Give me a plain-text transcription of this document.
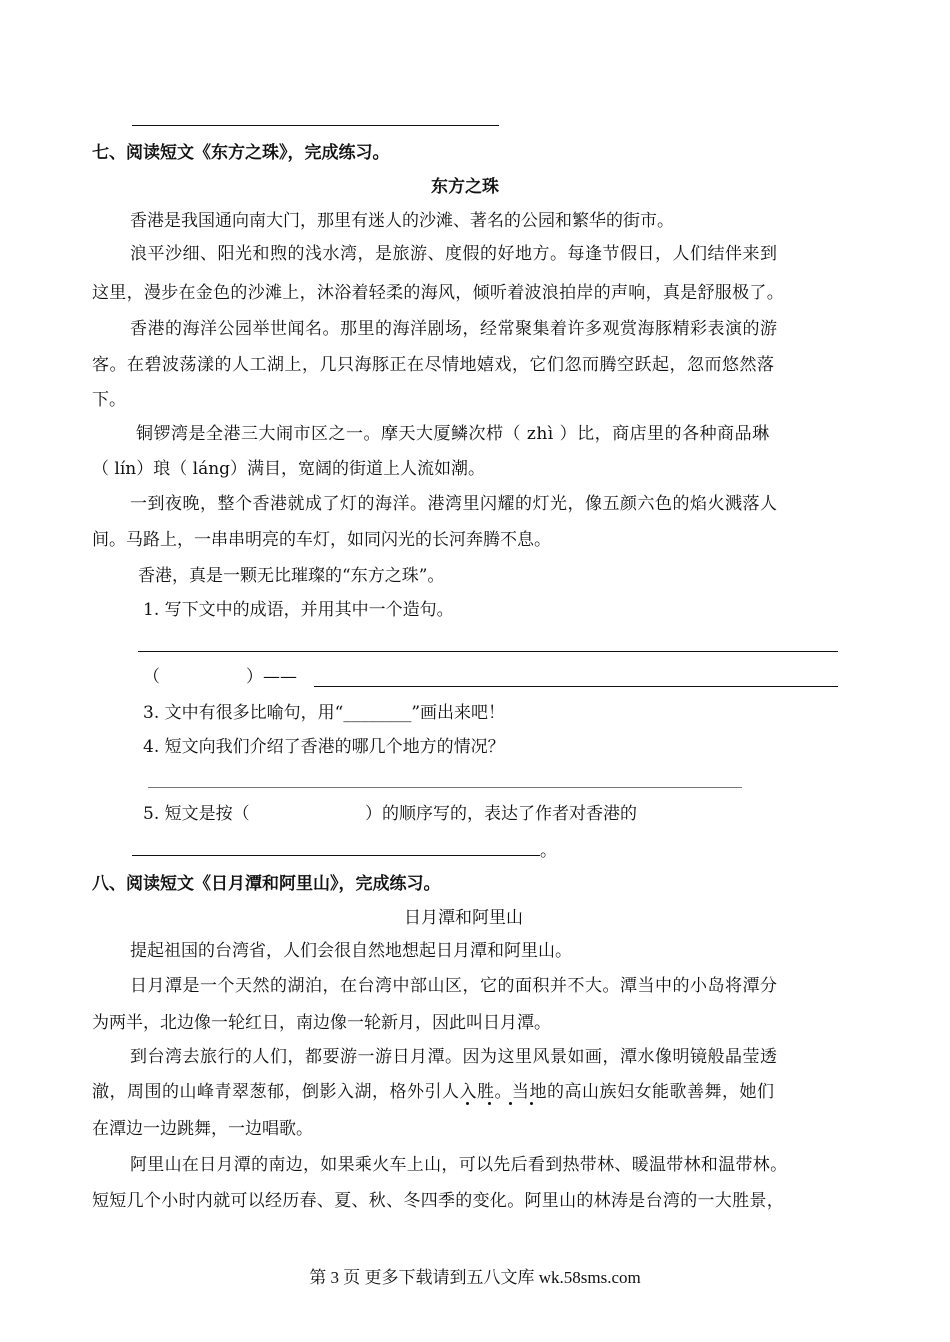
七、阅读短文《东方之珠》，完成练习。
东方之珠
香港是我国通向南大门，那里有迷人的沙滩、著名的公园和繁华的街市。
浪平沙细、阳光和煦的浅水湾，是旅游、度假的好地方。每逢节假日，人们结伴来到
这里，漫步在金色的沙滩上，沐浴着轻柔的海风，倾听着波浪拍岸的声响，真是舒服极了。
香港的海洋公园举世闻名。那里的海洋剧场，经常聚集着许多观赏海豚精彩表演的游
客。在碧波荡漾的人工湖上，几只海豚正在尽情地嬉戏，它们忽而腾空跃起，忽而悠然落
下。
铜锣湾是全港三大闹市区之一。摩天大厦鳞次栉（ zhì ）比，商店里的各种商品琳
（ lín）琅（ láng）满目，宽阔的街道上人流如潮。
一到夜晚，整个香港就成了灯的海洋。港湾里闪耀的灯光，像五颜六色的焰火溅落人
间。马路上，一串串明亮的车灯，如同闪光的长河奔腾不息。
香港，真是一颗无比璀璨的“东方之珠”。
1. 写下文中的成语，并用其中一个造句。
（	）——
3. 文中有很多比喻句，用“________”画出来吧！
4. 短文向我们介绍了香港的哪几个地方的情况？
5. 短文是按（	）的顺序写的，表达了作者对香港的
。
八、阅读短文《日月潭和阿里山》，完成练习。
日月潭和阿里山
提起祖国的台湾省，人们会很自然地想起日月潭和阿里山。
日月潭是一个天然的湖泊，在台湾中部山区，它的面积并不大。潭当中的小岛将潭分
为两半，北边像一轮红日，南边像一轮新月，因此叫日月潭。
到台湾去旅行的人们，都要游一游日月潭。因为这里风景如画，潭水像明镜般晶莹透
澈，周围的山峰青翠葱郁，倒影入湖，格外引人入胜。当地的高山族妇女能歌善舞，她们
在潭边一边跳舞，一边唱歌。
阿里山在日月潭的南边，如果乘火车上山，可以先后看到热带林、暖温带林和温带林。
短短几个小时内就可以经历春、夏、秋、冬四季的变化。阿里山的林涛是台湾的一大胜景，
第 3 页 更多下载请到五八文库 wk.58sms.com
